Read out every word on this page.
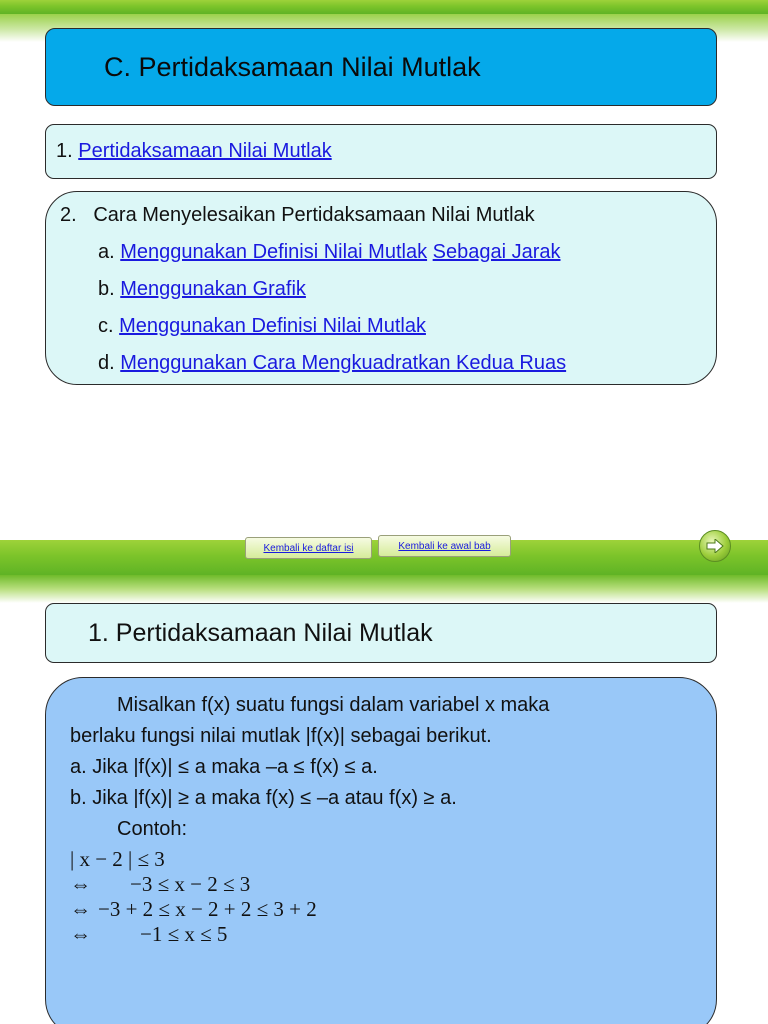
C. Pertidaksamaan Nilai Mutlak
1.
Pertidaksamaan Nilai Mutlak
2.   Cara Menyelesaikan Pertidaksamaan Nilai Mutlak
a. Menggunakan Definisi Nilai Mutlak Sebagai Jarak
b. Menggunakan Grafik
c. Menggunakan Definisi Nilai Mutlak
d. Menggunakan Cara Mengkuadratkan Kedua Ruas
Kembali ke daftar isi	Kembali ke awal bab
1. Pertidaksamaan Nilai Mutlak
Misalkan f(x) suatu fungsi dalam variabel x maka
berlaku fungsi nilai mutlak |f(x)| sebagai berikut.
a. Jika |f(x)| ≤ a maka –a ≤ f(x) ≤ a.
b. Jika |f(x)| ≥ a maka f(x) ≤ –a atau f(x) ≥ a.
Contoh:
| x − 2 | ≤ 3
⇔	−3 ≤ x − 2 ≤ 3
⇔ −3 + 2 ≤ x − 2 + 2 ≤ 3 + 2
⇔	−1 ≤ x ≤ 5
